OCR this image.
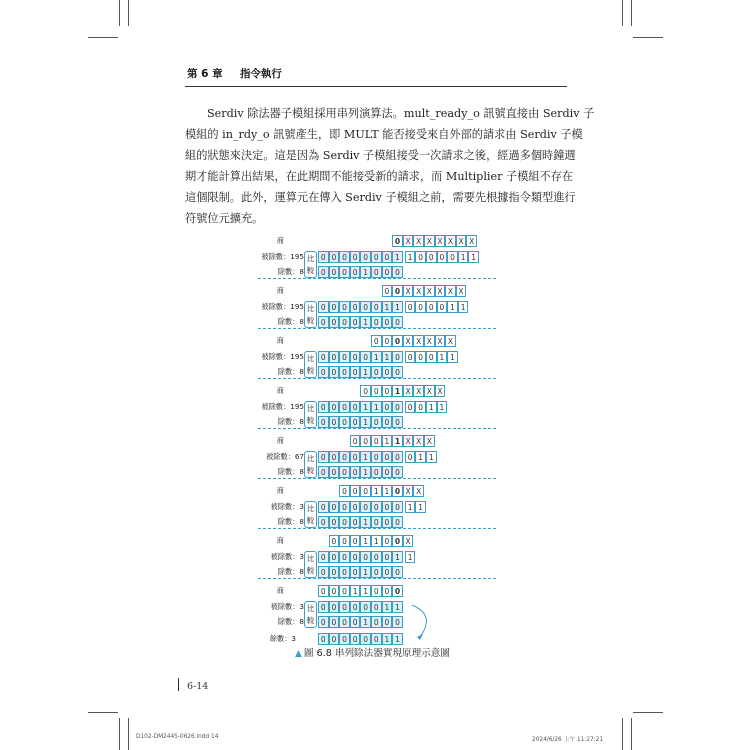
第 6 章 指令執行
Serdiv 除法器子模組採用串列演算法。mult_ready_o 訊號直接由 Serdiv 子
模組的 in_rdy_o 訊號產生，即 MULT 能否接受來自外部的請求由 Serdiv 子模
組的狀態來決定。這是因為 Serdiv 子模組接受一次請求之後，經過多個時鐘週
期才能計算出結果，在此期間不能接受新的請求，而 Multiplier 子模組不存在
這個限制。此外，運算元在傳入 Serdiv 子模組之前，需要先根據指令類型進行
符號位元擴充。
商	0 X X X X X X X
比
較
被除數：195	0 0 0 0 0 0 0 1	1 0 0 0 0 1 1
除數：8	0 0 0 0 1 0 0 0
商	0 0 X X X X X X
比
較
被除數：195	0 0 0 0 0 0 1 1	0 0 0 0 1 1
除數：8	0 0 0 0 1 0 0 0
商	0 0 0 X X X X X
比
較
被除數：195	0 0 0 0 0 1 1 0	0 0 0 1 1
除數：8	0 0 0 0 1 0 0 0
商	0 0 0 1 X X X X
比
較
被除數：195	0 0 0 0 1 1 0 0	0 0 1 1
除數：8	0 0 0 0 1 0 0 0
商	0 0 0 1 1 X X X
比
較
被除數：67	0 0 0 0 1 0 0 0	0 1 1
除數：8	0 0 0 0 1 0 0 0
商	0 0 0 1 1 0 X X
比
較
被除數：3	0 0 0 0 0 0 0 0	1 1
除數：8	0 0 0 0 1 0 0 0
商	0 0 0 1 1 0 0 X
比
較
被除數：3	0 0 0 0 0 0 0 1	1
除數：8	0 0 0 0 1 0 0 0
商	0 0 0 1 1 0 0 0
比
較
被除數：3	0 0 0 0 0 0 1 1
除數：8	0 0 0 0 1 0 0 0
餘數：3	0 0 0 0 0 0 1 1
▲ 圖 6.8 串列除法器實現原理示意圖
6-14
D102-DM2445-0626.indd 14	2024/6/26 上午 11:27:21
